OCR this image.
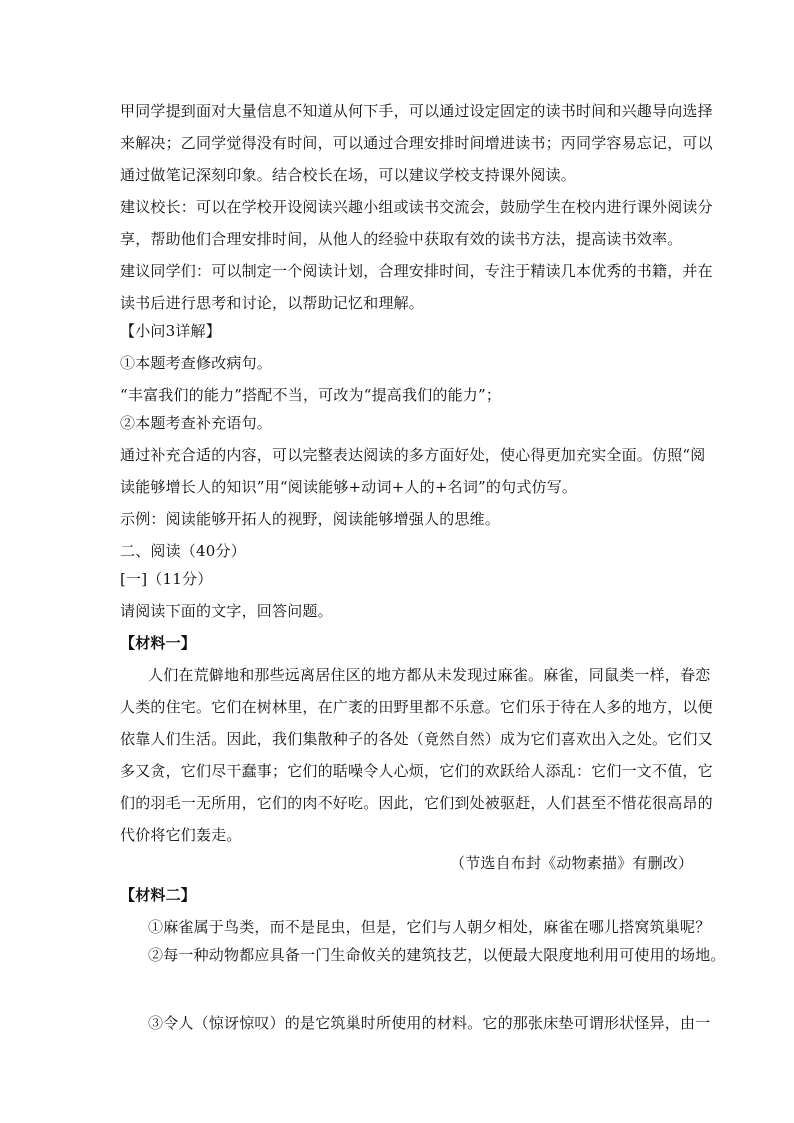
甲同学提到面对大量信息不知道从何下手，可以通过设定固定的读书时间和兴趣导向选择
来解决；乙同学觉得没有时间，可以通过合理安排时间增进读书；丙同学容易忘记，可以
通过做笔记深刻印象。结合校长在场，可以建议学校支持课外阅读。
建议校长：可以在学校开设阅读兴趣小组或读书交流会，鼓励学生在校内进行课外阅读分
享，帮助他们合理安排时间，从他人的经验中获取有效的读书方法，提高读书效率。
建议同学们：可以制定一个阅读计划，合理安排时间，专注于精读几本优秀的书籍，并在
读书后进行思考和讨论，以帮助记忆和理解。
【小问3详解】
①本题考查修改病句。
“丰富我们的能力”搭配不当，可改为“提高我们的能力”；
②本题考查补充语句。
通过补充合适的内容，可以完整表达阅读的多方面好处，使心得更加充实全面。仿照“阅
读能够增长人的知识”用“阅读能够+动词+人的+名词”的句式仿写。
示例：阅读能够开拓人的视野，阅读能够增强人的思维。
二、阅读（40分）
[一]（11分）
请阅读下面的文字，回答问题。
【材料一】
人们在荒僻地和那些远离居住区的地方都从未发现过麻雀。麻雀，同鼠类一样，眷恋
人类的住宅。它们在树林里，在广袤的田野里都不乐意。它们乐于待在人多的地方，以便
依靠人们生活。因此，我们集散种子的各处（竟然自然）成为它们喜欢出入之处。它们又
多又贪，它们尽干蠢事；它们的聒噪令人心烦，它们的欢跃给人添乱：它们一文不值，它
们的羽毛一无所用，它们的肉不好吃。因此，它们到处被驱赶，人们甚至不惜花很高昂的
代价将它们轰走。
（节选自布封《动物素描》有删改）
【材料二】
①麻雀属于鸟类，而不是昆虫，但是，它们与人朝夕相处，麻雀在哪儿搭窝筑巢呢？
②每一种动物都应具备一门生命攸关的建筑技艺，以便最大限度地利用可使用的场地。
③令人（惊讶惊叹）的是它筑巢时所使用的材料。它的那张床垫可谓形状怪异，由一
